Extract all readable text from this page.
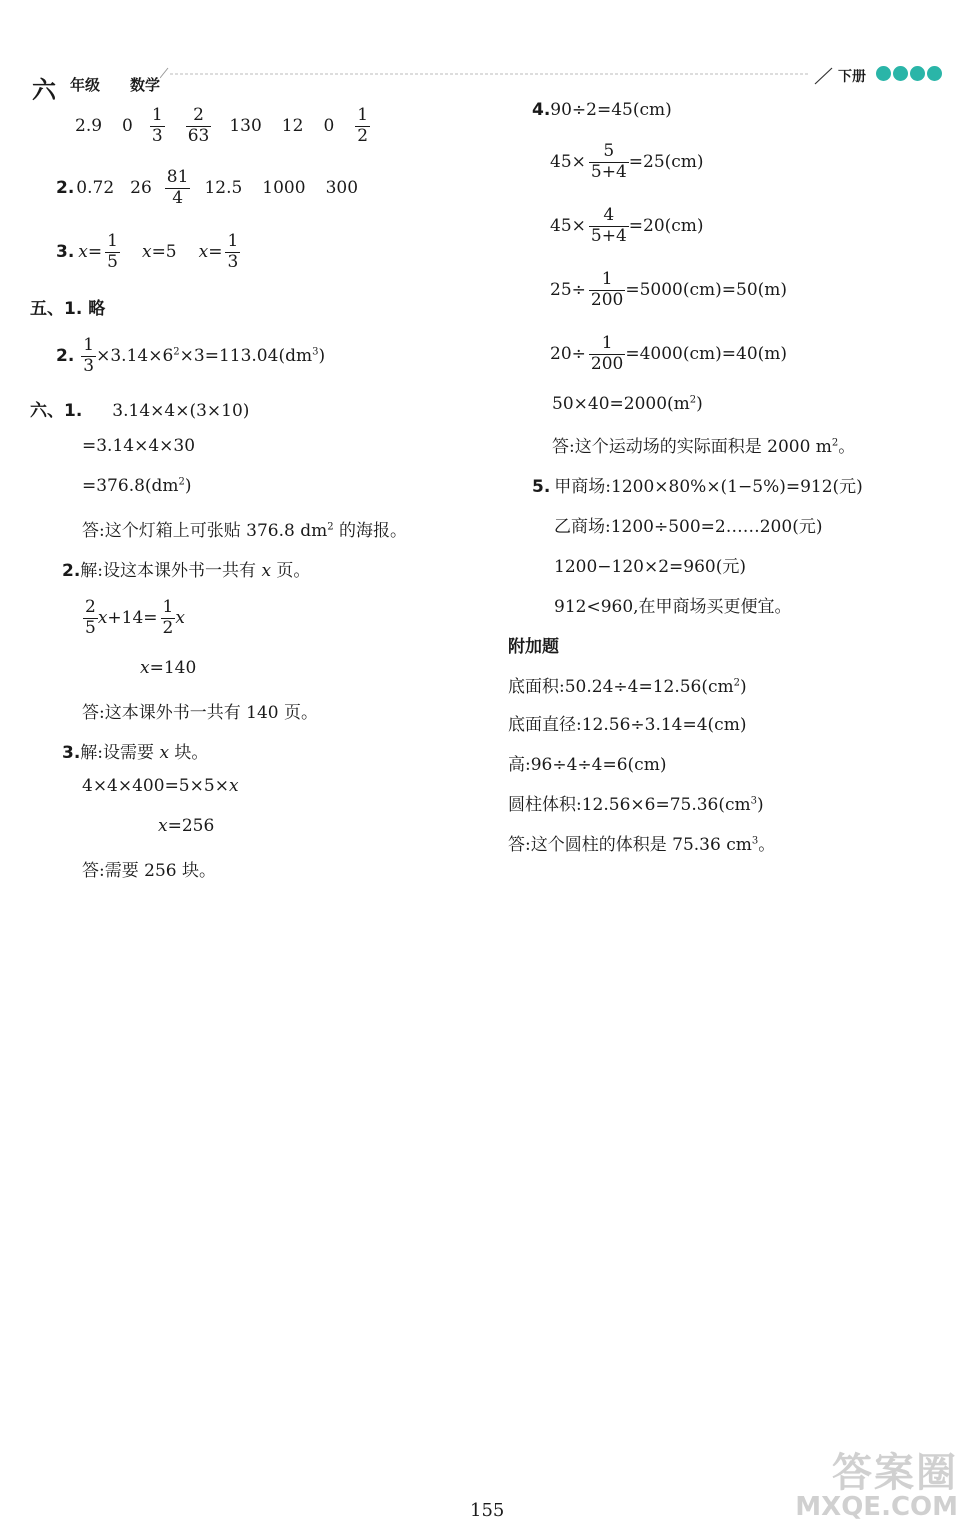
六 年级 数学	下册
2.9 $0 \frac{1}{3} \frac{2}{63} 130$ 12 $0 \frac{1}{2}$
2. 0.72 $26 \frac{81}{4} 12.5$ 1000 300
3. $x = \frac{1}{5}$ x =5 $x = \frac{1}{3}$
五、1. 略
2. $\frac{1}{3} \times 3.14\times 6^2\times 3=113.04(dm^3)$
六、1. 3.14×4×(3×10)
=3.14×4×30
$=376.8(dm^2)$
答:这个灯箱上可张贴 376.8 $dm^2$ 的海报。
2.解:设这本课外书一共有 x 页。
$\frac{2}{5}$ $x +14= \frac{1}{2}$ x
x=140
答:这本课外书一共有 140 页。
3.解:设需要 x 块。
4×4×400=5×5×x
x=256
答:需要 256 块。
4.90÷2=45(cm)
$45\times \frac{5}{5+4} =25(cm)$
$45\times \frac{4}{5+4} =20(cm)$
$25\div \frac{1}{200} =5000(cm)=50(m)$
$20\div \frac{1}{200} =4000(cm)=40(m)$
$50\times 40=2000(m^2)$
答:这个运动场的实际面积是 2000 $m^2$。
5. 甲商场:1200×80%×(1−5%)=912(元)
乙商场:1200÷500=2……200(元)
1200−120×2=960(元)
912<960,在甲商场买更便宜。
附加题
底面积$:50.24\div 4=12.56(cm^2)$
底面直径:12.56÷3.14=4(cm)
高:96÷4÷4=6(cm)
圆柱体积$:12.56\times 6=75.36(cm^3)$
答:这个圆柱的体积是 75.36 $cm^3$。
155
答案圈
MXQE.COM
